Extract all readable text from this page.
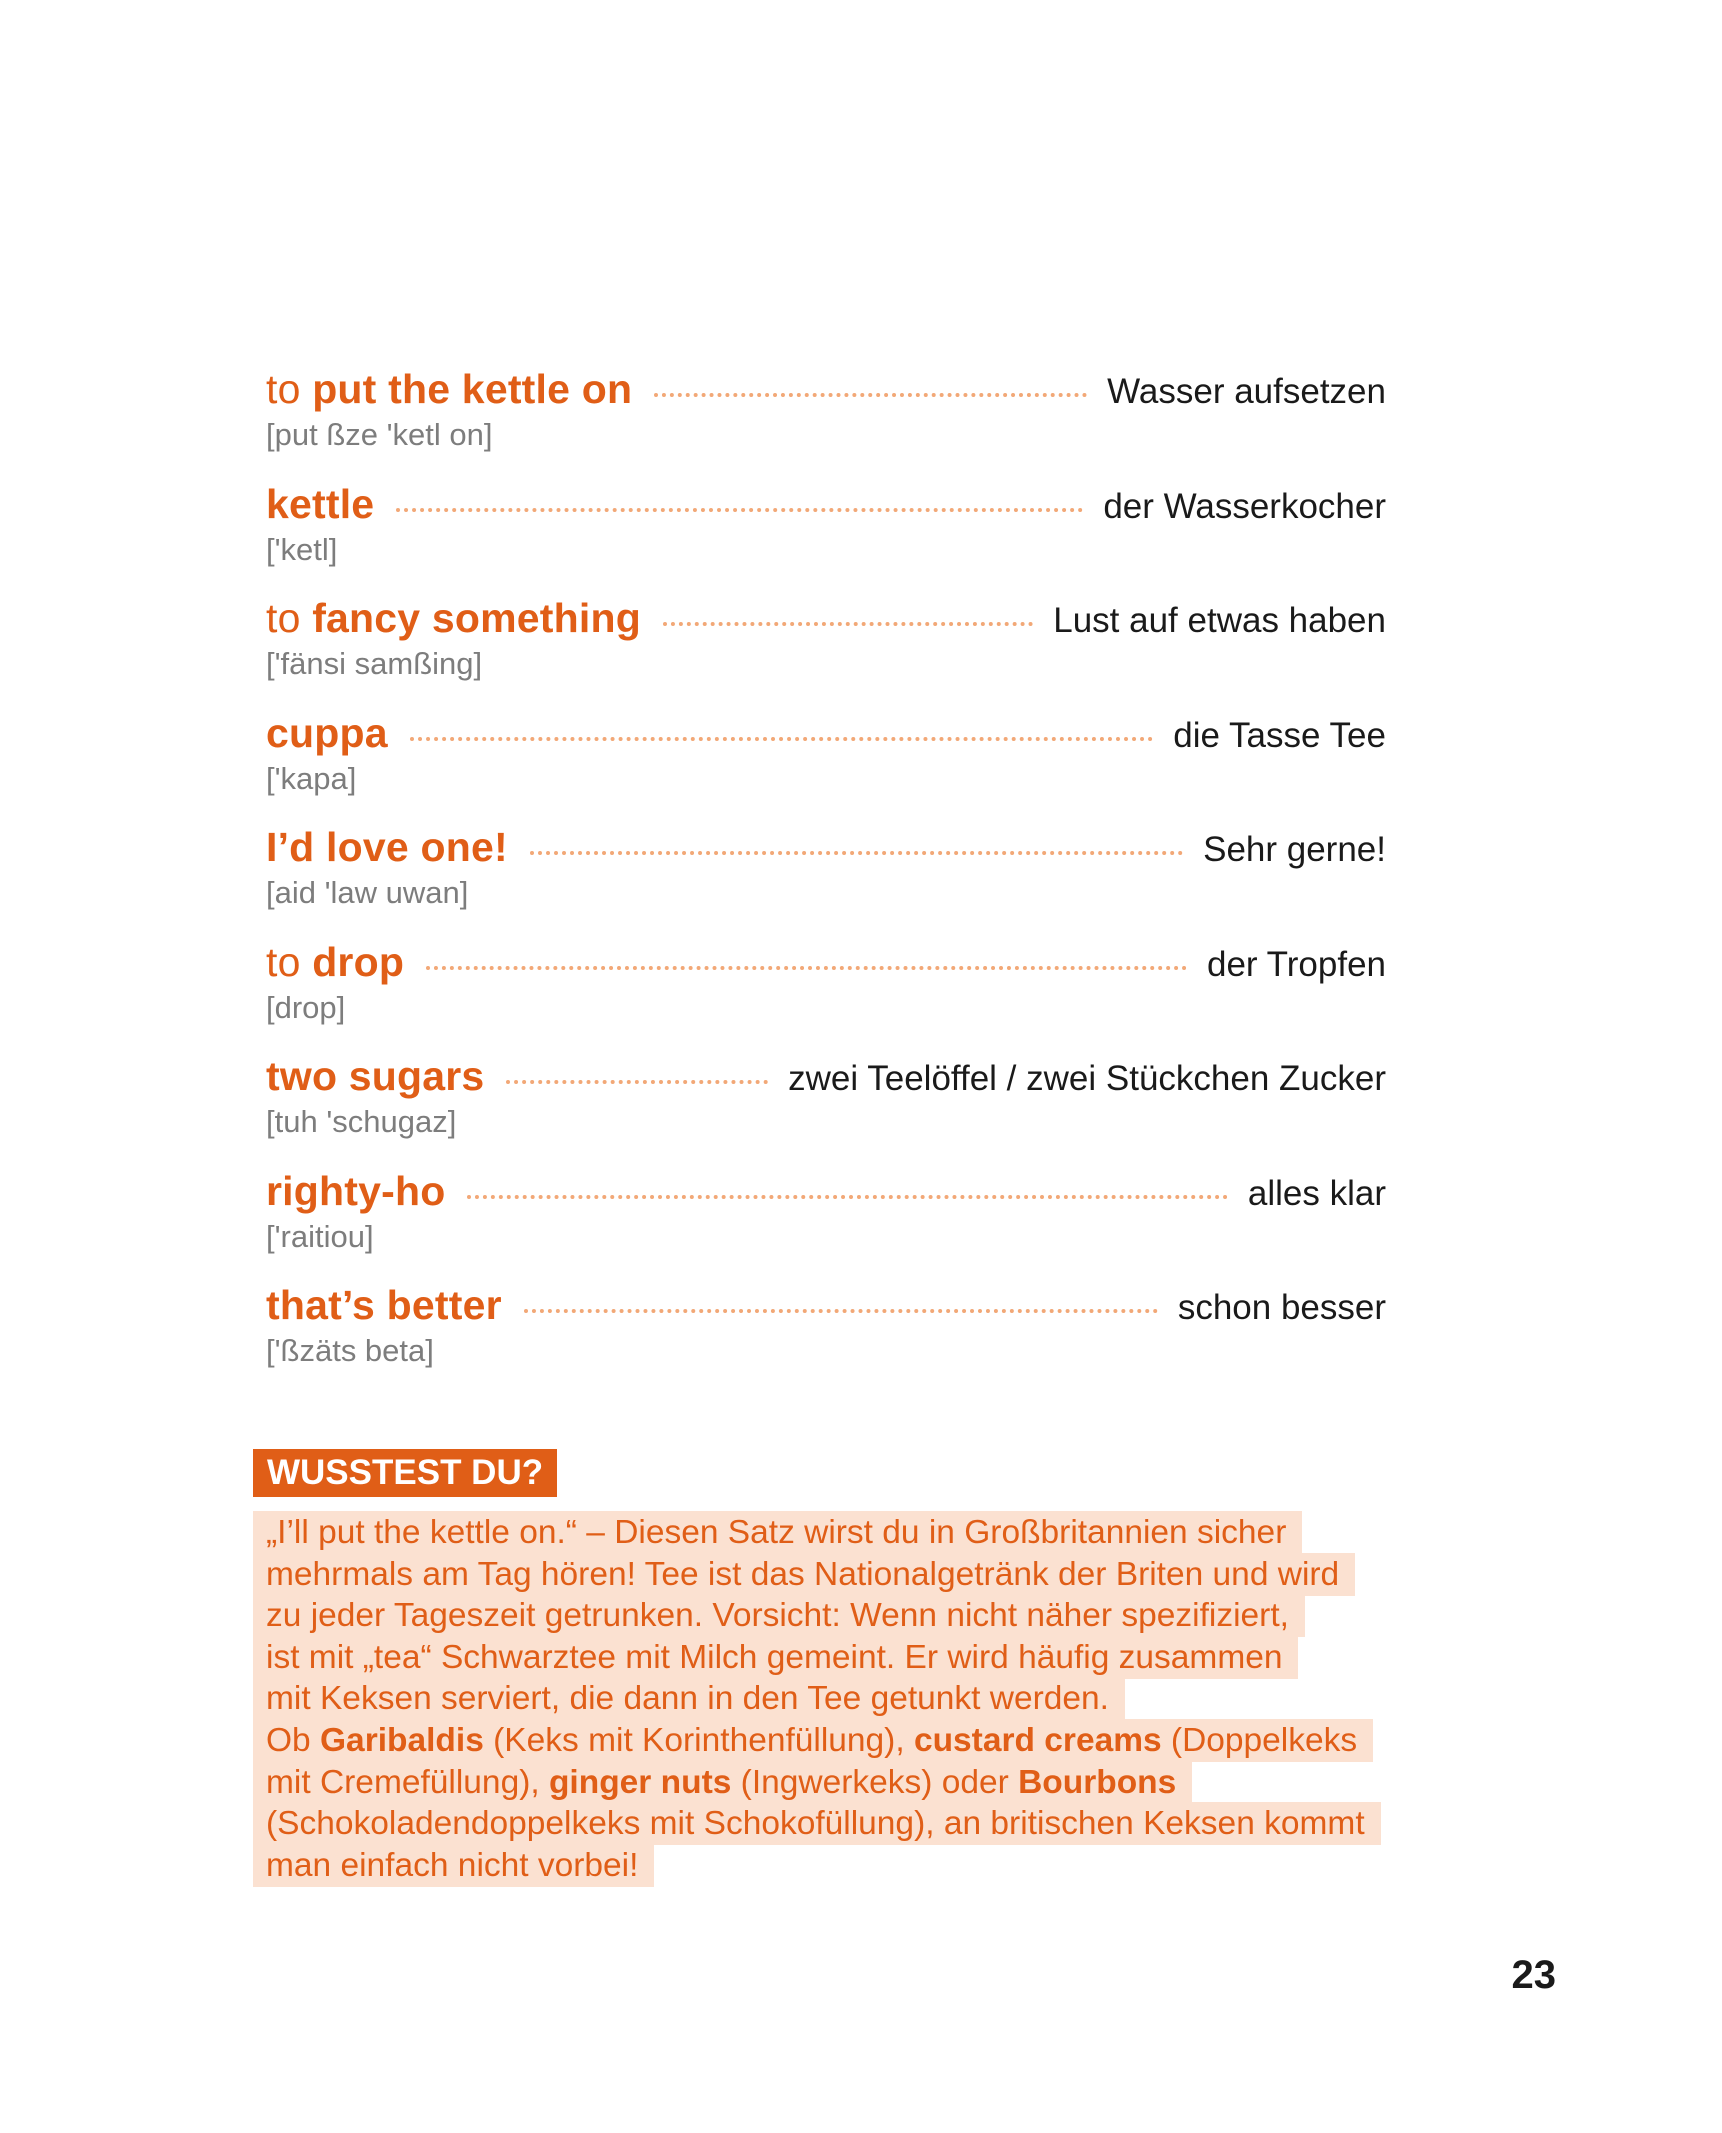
to put the kettle on	Wasser aufsetzen
[put ßze 'ketl on]
kettle	der Wasserkocher
['ketl]
to fancy something	Lust auf etwas haben
['fänsi samßing]
cuppa	die Tasse Tee
['kapa]
I’d love one!	Sehr gerne!
[aid 'law uwan]
to drop	der Tropfen
[drop]
two sugars	zwei Teelöffel / zwei Stückchen Zucker
[tuh 'schugaz]
righty-ho	alles klar
['raitiou]
that’s better	schon besser
['ßzäts beta]
WUSSTEST DU?
„I’ll put the kettle on.“ – Diesen Satz wirst du in Großbritannien sicher
mehrmals am Tag hören! Tee ist das Nationalgetränk der Briten und wird
zu jeder Tageszeit getrunken. Vorsicht: Wenn nicht näher spezifiziert,
ist mit „tea“ Schwarztee mit Milch gemeint. Er wird häufig zusammen
mit Keksen serviert, die dann in den Tee getunkt werden.
Ob Garibaldis (Keks mit Korinthenfüllung), custard creams (Doppelkeks mit Cremefüllung), ginger nuts (Ingwerkeks) oder Bourbons (Schokoladendoppelkeks mit Schokofüllung), an britischen Keksen kommt man einfach nicht vorbei!
23
